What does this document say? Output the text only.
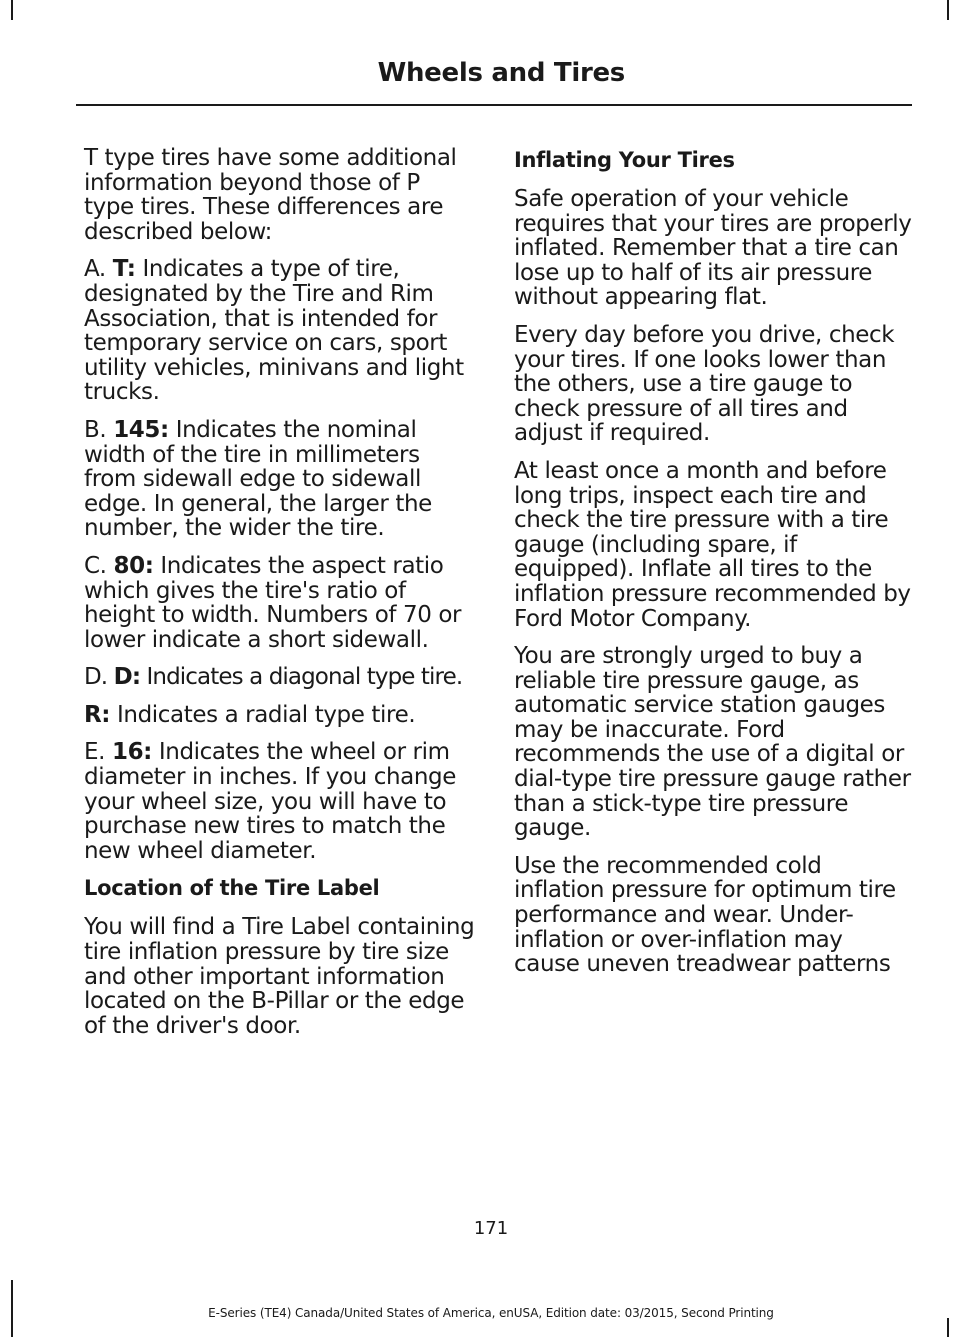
Wheels and Tires

T type tires have some additional information beyond those of P type tires. These differences are described below:

A. T: Indicates a type of tire, designated by the Tire and Rim Association, that is intended for temporary service on cars, sport utility vehicles, minivans and light trucks.

B. 145: Indicates the nominal width of the tire in millimeters from sidewall edge to sidewall edge. In general, the larger the number, the wider the tire.

C. 80: Indicates the aspect ratio which gives the tire's ratio of height to width. Numbers of 70 or lower indicate a short sidewall.

D. D: Indicates a diagonal type tire.

R: Indicates a radial type tire.

E. 16: Indicates the wheel or rim diameter in inches. If you change your wheel size, you will have to purchase new tires to match the new wheel diameter.

Location of the Tire Label

You will find a Tire Label containing tire inflation pressure by tire size and other important information located on the B-Pillar or the edge of the driver's door.

Inflating Your Tires

Safe operation of your vehicle requires that your tires are properly inflated. Remember that a tire can lose up to half of its air pressure without appearing flat.

Every day before you drive, check your tires. If one looks lower than the others, use a tire gauge to check pressure of all tires and adjust if required.

At least once a month and before long trips, inspect each tire and check the tire pressure with a tire gauge (including spare, if equipped). Inflate all tires to the inflation pressure recommended by Ford Motor Company.

You are strongly urged to buy a reliable tire pressure gauge, as automatic service station gauges may be inaccurate. Ford recommends the use of a digital or dial-type tire pressure gauge rather than a stick-type tire pressure gauge.

Use the recommended cold inflation pressure for optimum tire performance and wear. Under-inflation or over-inflation may cause uneven treadwear patterns

171
E-Series (TE4) Canada/United States of America, enUSA, Edition date: 03/2015, Second Printing
